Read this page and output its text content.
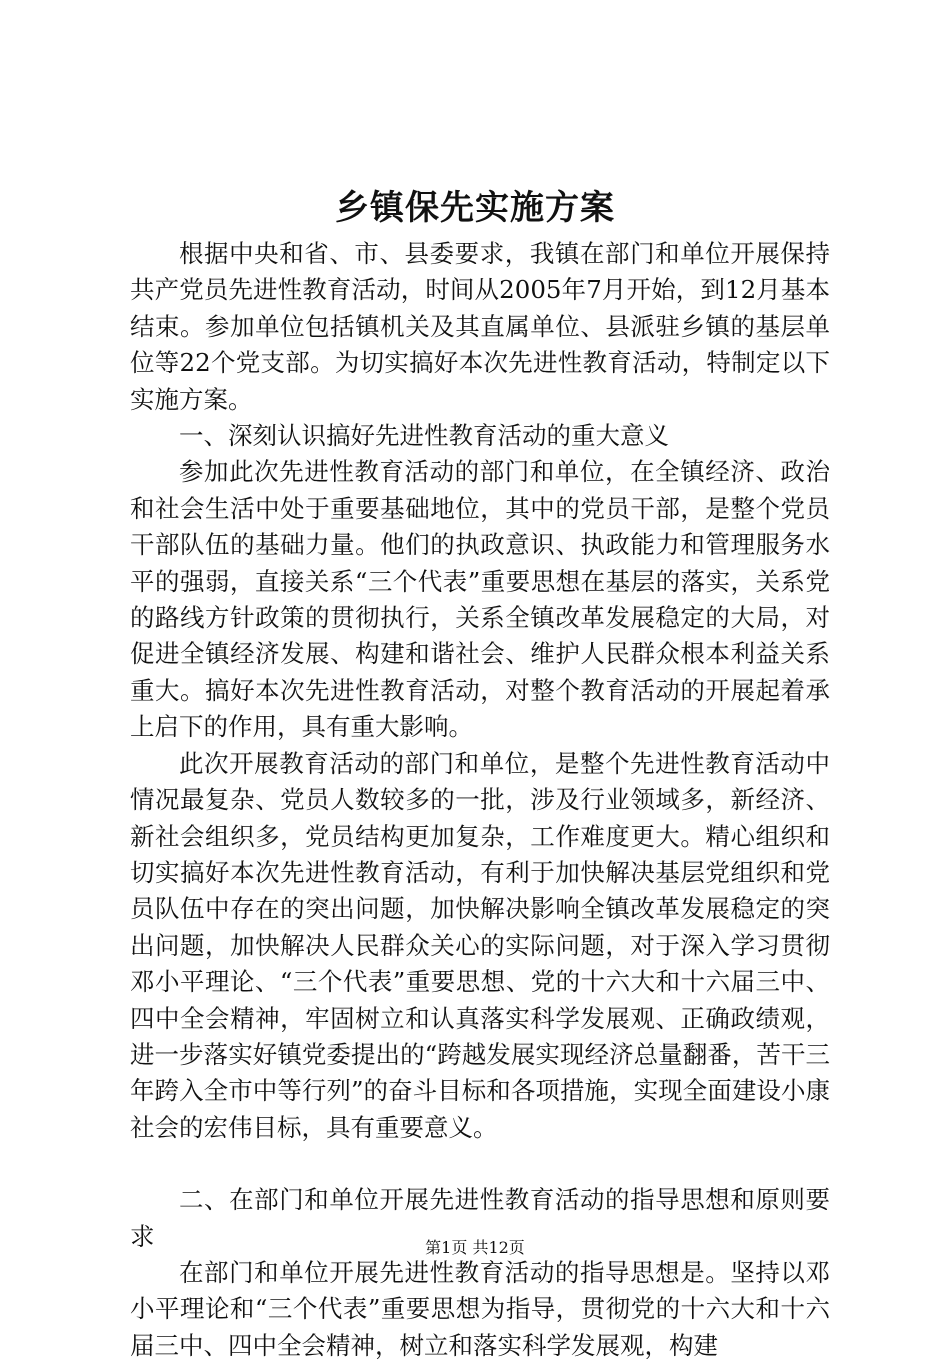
乡镇保先实施方案

根据中央和省、市、县委要求，我镇在部门和单位开展保持共产党员先进性教育活动，时间从2005年7月开始，到12月基本结束。参加单位包括镇机关及其直属单位、县派驻乡镇的基层单位等22个党支部。为切实搞好本次先进性教育活动，特制定以下实施方案。

一、深刻认识搞好先进性教育活动的重大意义

参加此次先进性教育活动的部门和单位，在全镇经济、政治和社会生活中处于重要基础地位，其中的党员干部，是整个党员干部队伍的基础力量。他们的执政意识、执政能力和管理服务水平的强弱，直接关系“三个代表”重要思想在基层的落实，关系党的路线方针政策的贯彻执行，关系全镇改革发展稳定的大局，对促进全镇经济发展、构建和谐社会、维护人民群众根本利益关系重大。搞好本次先进性教育活动，对整个教育活动的开展起着承上启下的作用，具有重大影响。

此次开展教育活动的部门和单位，是整个先进性教育活动中情况最复杂、党员人数较多的一批，涉及行业领域多，新经济、新社会组织多，党员结构更加复杂，工作难度更大。精心组织和切实搞好本次先进性教育活动，有利于加快解决基层党组织和党员队伍中存在的突出问题，加快解决影响全镇改革发展稳定的突出问题，加快解决人民群众关心的实际问题，对于深入学习贯彻邓小平理论、“三个代表”重要思想、党的十六大和十六届三中、四中全会精神，牢固树立和认真落实科学发展观、正确政绩观，进一步落实好镇党委提出的“跨越发展实现经济总量翻番，苦干三年跨入全市中等行列”的奋斗目标和各项措施，实现全面建设小康社会的宏伟目标，具有重要意义。

二、在部门和单位开展先进性教育活动的指导思想和原则要求

在部门和单位开展先进性教育活动的指导思想是。坚持以邓小平理论和“三个代表”重要思想为指导，贯彻党的十六大和十六届三中、四中全会精神，树立和落实科学发展观，构建

第1页 共12页
